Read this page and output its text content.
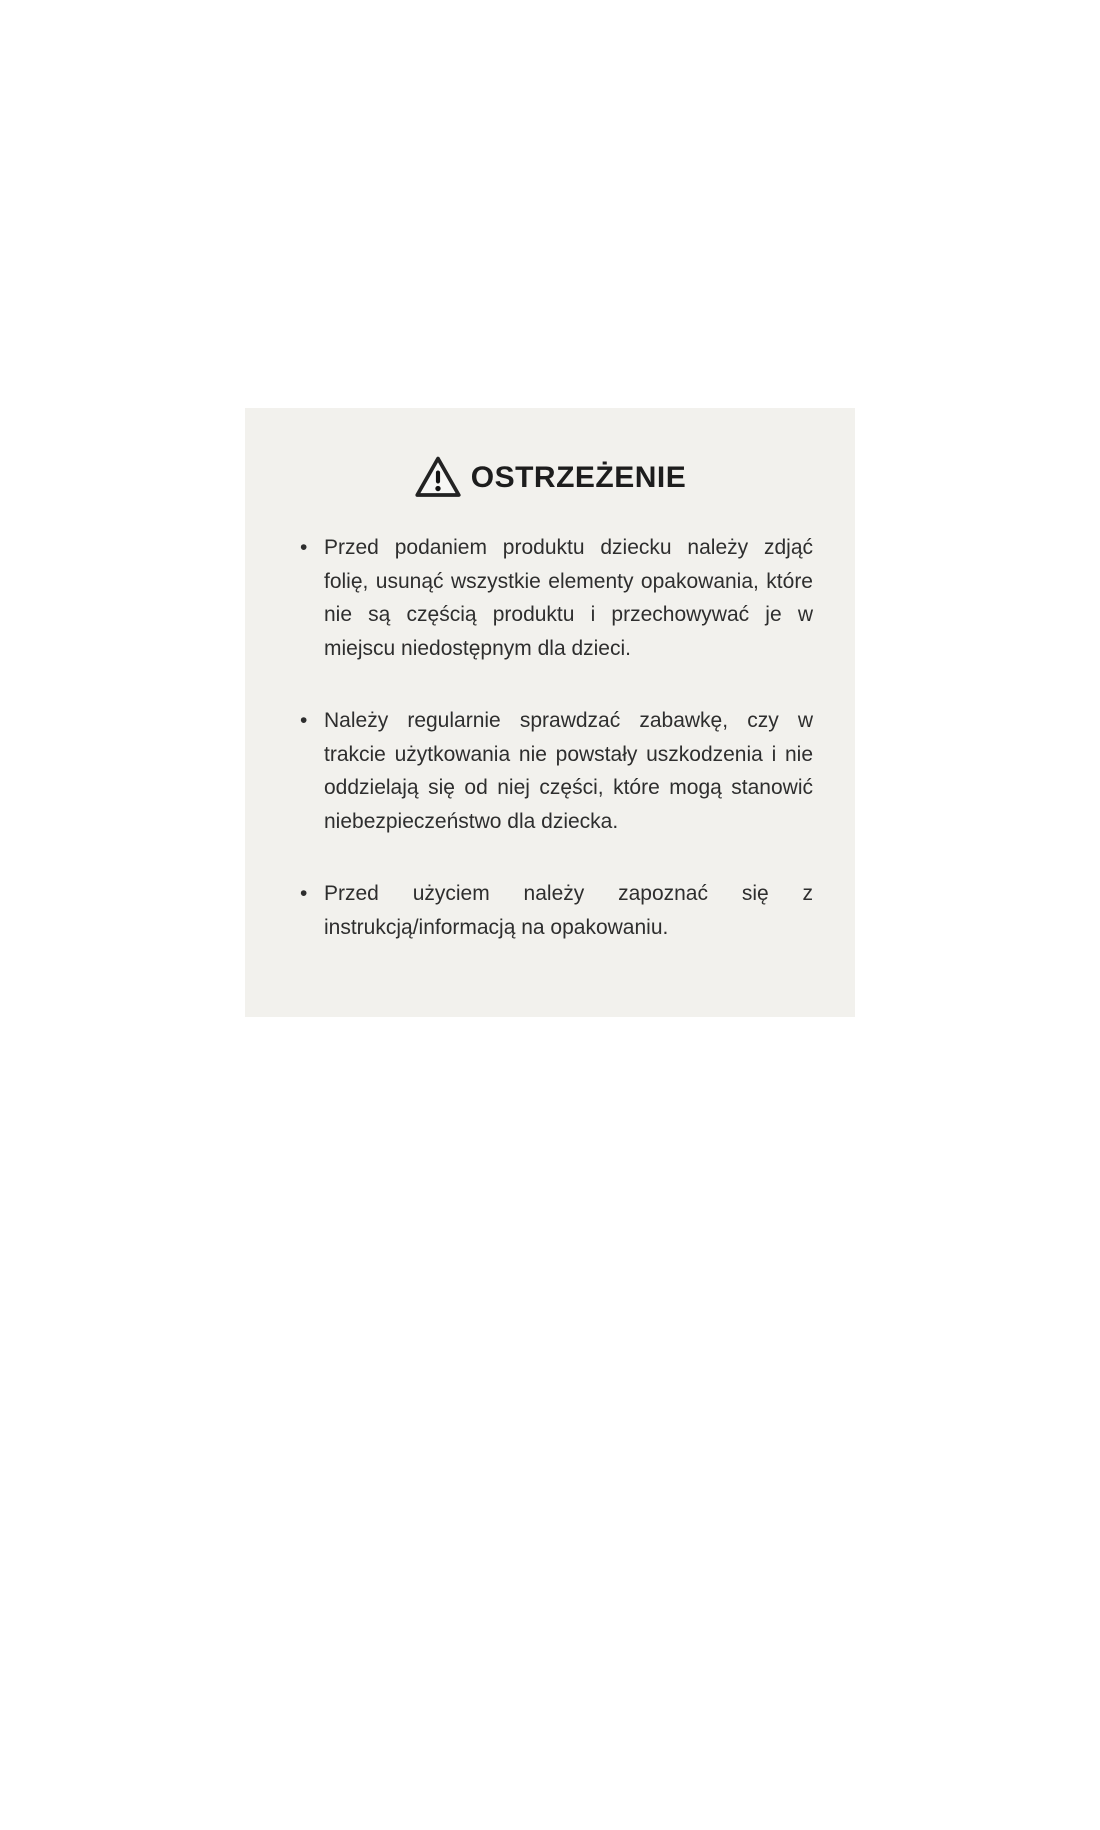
OSTRZEŻENIE
• Przed podaniem produktu dziecku należy zdjąć folię, usunąć wszystkie elementy opakowania, które nie są częścią produktu i przechowywać je w miejscu niedostępnym dla dzieci.
• Należy regularnie sprawdzać zabawkę, czy w trakcie użytkowania nie powstały uszkodzenia i nie oddzielają się od niej części, które mogą stanowić niebezpieczeństwo dla dziecka.
• Przed użyciem należy zapoznać się z instrukcją/informacją na opakowaniu.
